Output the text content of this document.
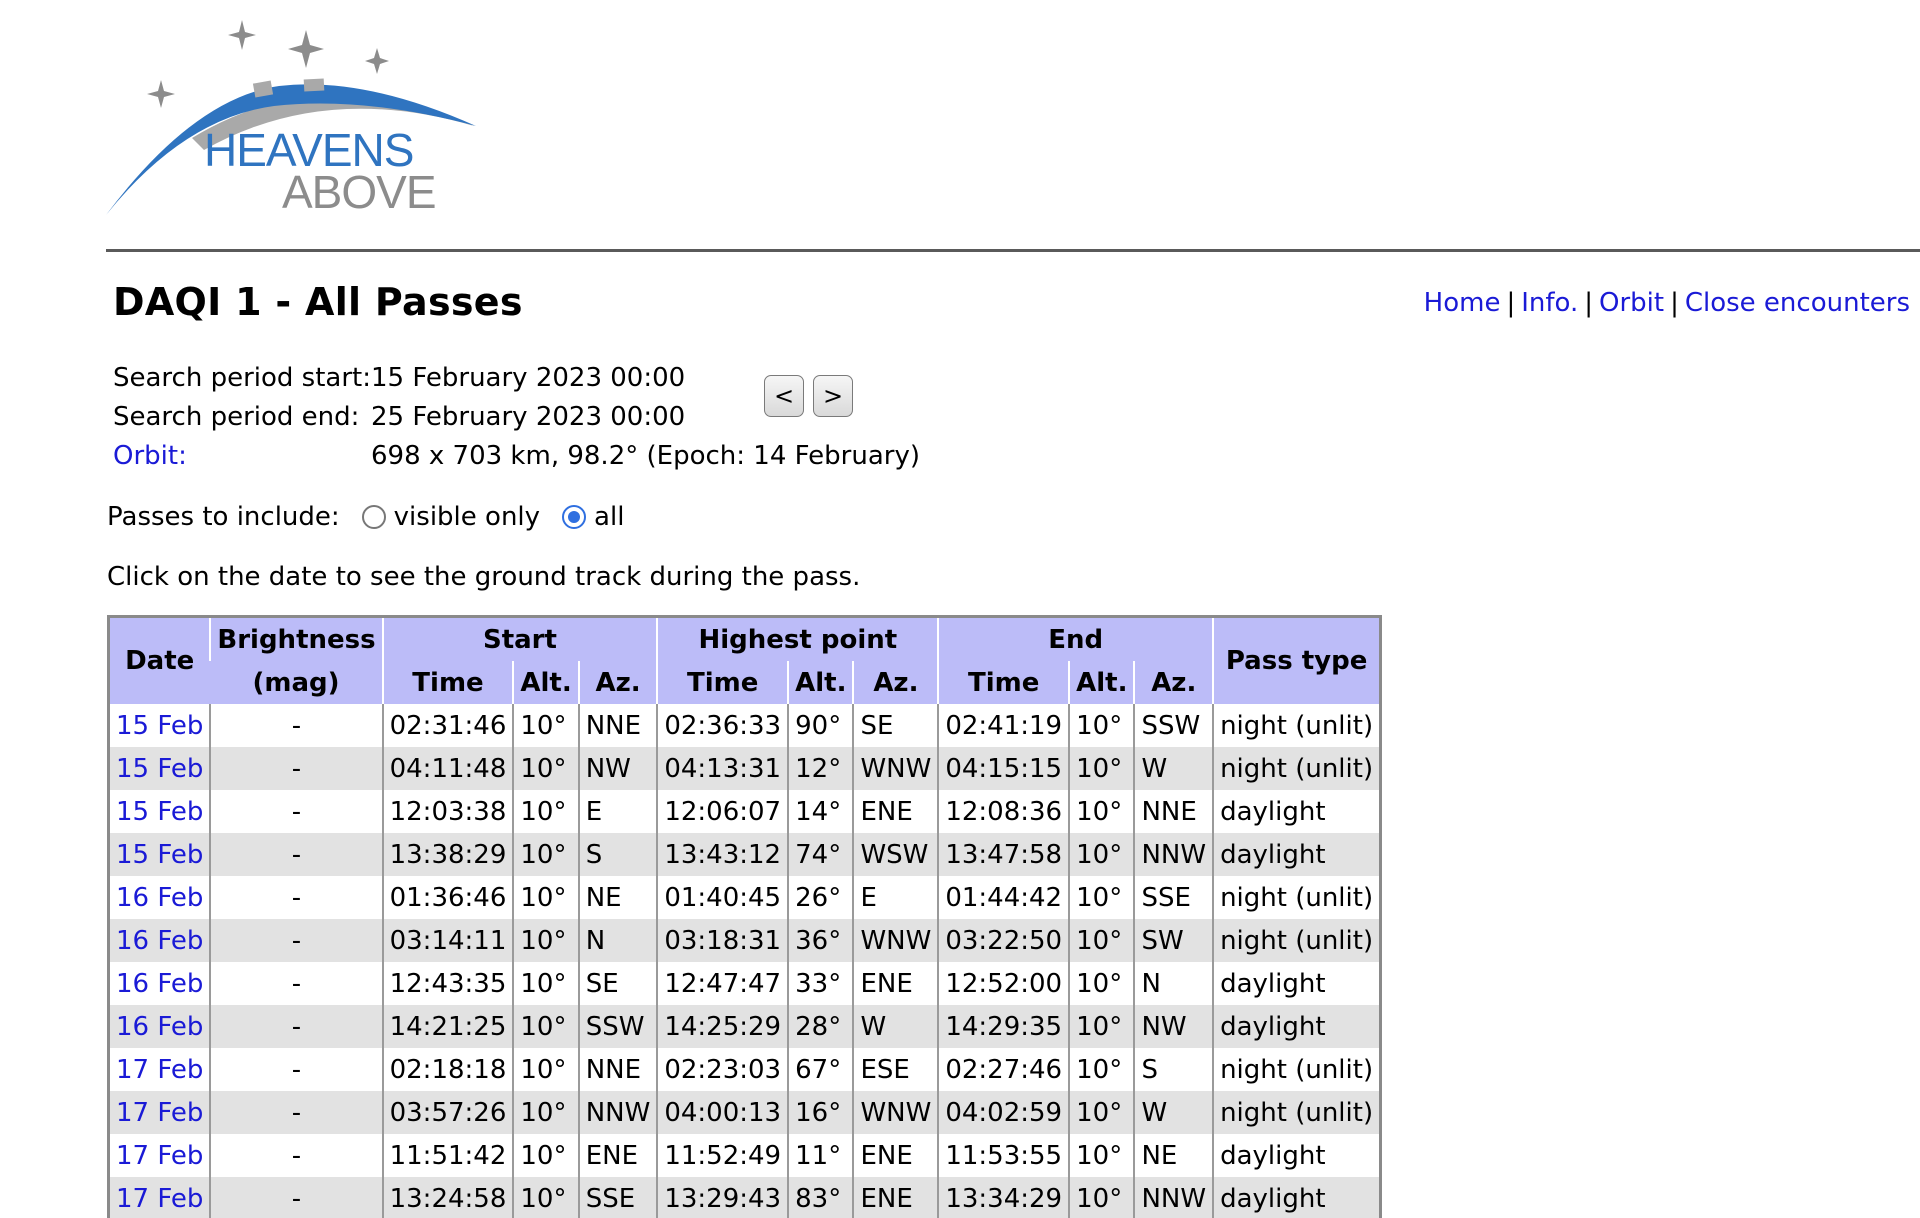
HEAVENS
ABOVE
DAQI 1 - All Passes	Home | Info. | Orbit | Close encounters
Search period start:	15 February 2023 00:00
Search period end:	25 February 2023 00:00
Orbit:	698 x 703 km, 98.2° (Epoch: 14 February)
<	>
Passes to include: visible only all
Click on the date to see the ground track during the pass.
Date	Brightness	Start			Highest point			End			Pass type
	(mag)	Time	Alt.	Az.	Time	Alt.	Az.	Time	Alt.	Az.	
15 Feb	-	02:31:46	10°	NNE	02:36:33	90°	SE	02:41:19	10°	SSW	night (unlit)
15 Feb	-	04:11:48	10°	NW	04:13:31	12°	WNW	04:15:15	10°	W	night (unlit)
15 Feb	-	12:03:38	10°	E	12:06:07	14°	ENE	12:08:36	10°	NNE	daylight
15 Feb	-	13:38:29	10°	S	13:43:12	74°	WSW	13:47:58	10°	NNW	daylight
16 Feb	-	01:36:46	10°	NE	01:40:45	26°	E	01:44:42	10°	SSE	night (unlit)
16 Feb	-	03:14:11	10°	N	03:18:31	36°	WNW	03:22:50	10°	SW	night (unlit)
16 Feb	-	12:43:35	10°	SE	12:47:47	33°	ENE	12:52:00	10°	N	daylight
16 Feb	-	14:21:25	10°	SSW	14:25:29	28°	W	14:29:35	10°	NW	daylight
17 Feb	-	02:18:18	10°	NNE	02:23:03	67°	ESE	02:27:46	10°	S	night (unlit)
17 Feb	-	03:57:26	10°	NNW	04:00:13	16°	WNW	04:02:59	10°	W	night (unlit)
17 Feb	-	11:51:42	10°	ENE	11:52:49	11°	ENE	11:53:55	10°	NE	daylight
17 Feb	-	13:24:58	10°	SSE	13:29:43	83°	ENE	13:34:29	10°	NNW	daylight
